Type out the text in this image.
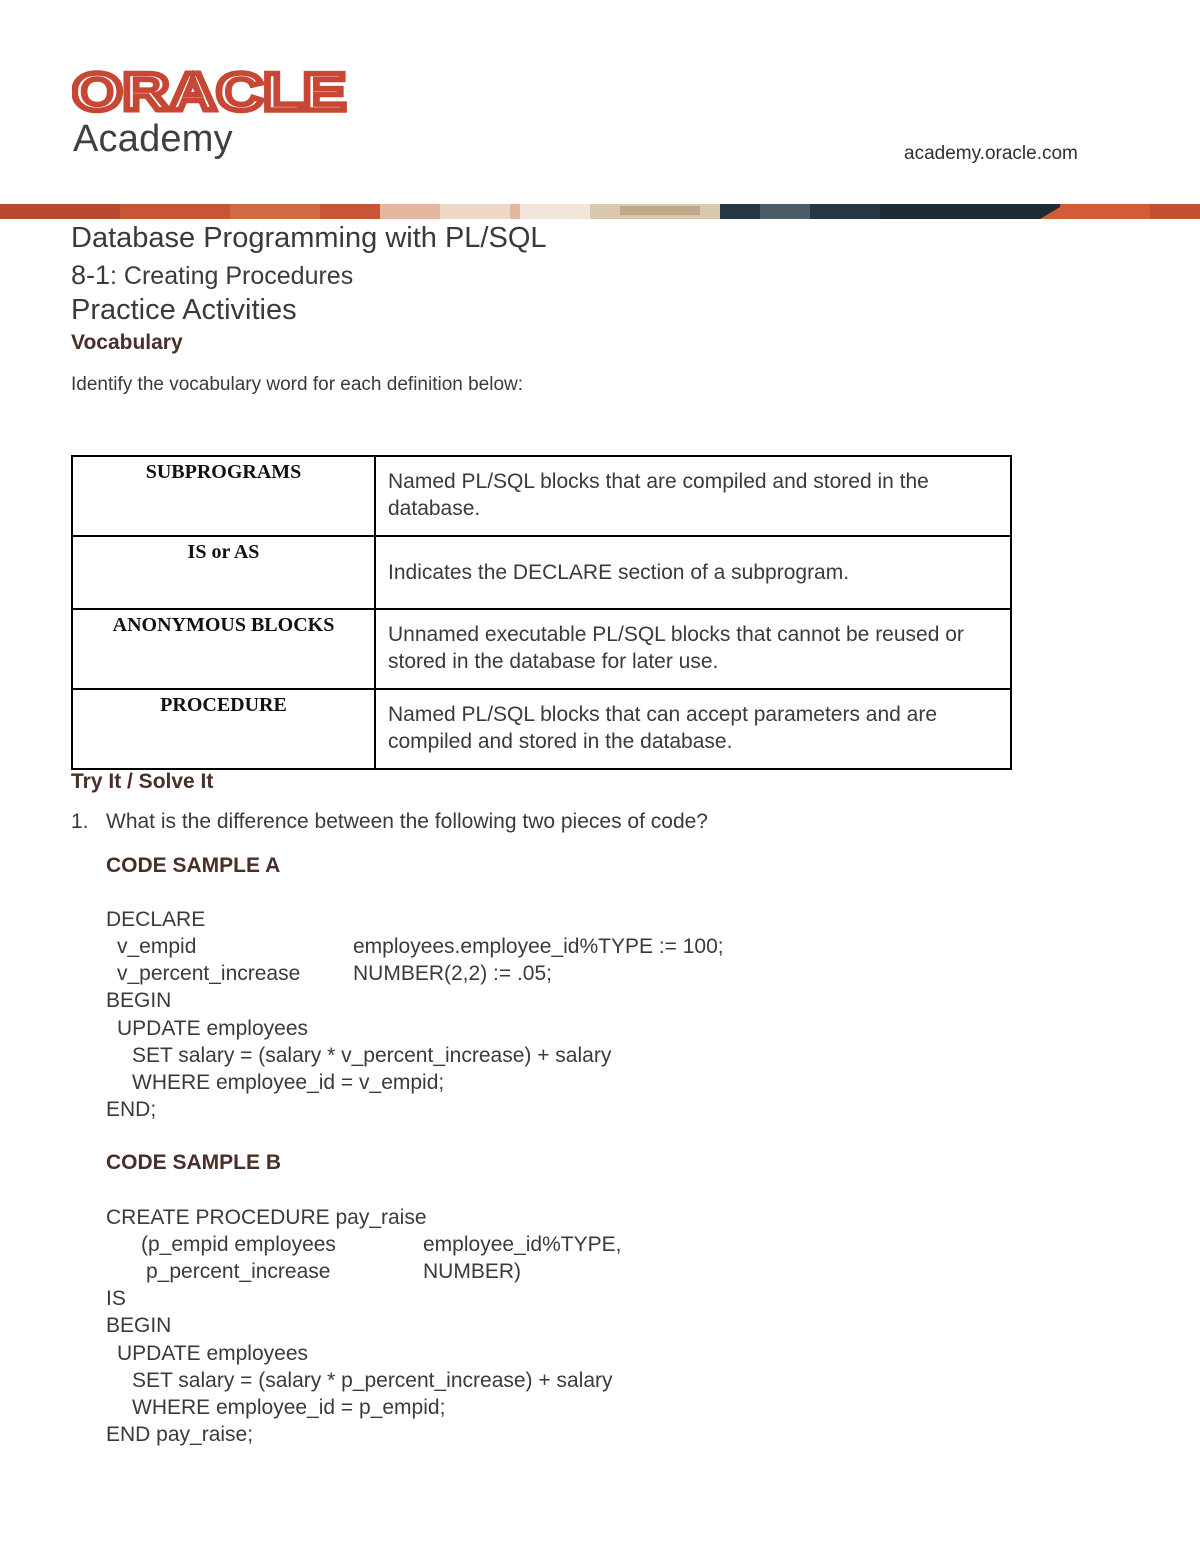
ORACLE
Academy	academy.oracle.com
Database Programming with PL/SQL
8-1: Creating Procedures
Practice Activities
Vocabulary
Identify the vocabulary word for each definition below:
SUBPROGRAMS	Named PL/SQL blocks that are compiled and stored in the database.
IS or AS	Indicates the DECLARE section of a subprogram.
ANONYMOUS BLOCKS	Unnamed executable PL/SQL blocks that cannot be reused or stored in the database for later use.
PROCEDURE	Named PL/SQL blocks that can accept parameters and are compiled and stored in the database.
Try It / Solve It
1. What is the difference between the following two pieces of code?
CODE SAMPLE A
DECLARE
v_empid	employees.employee_id%TYPE := 100;
v_percent_increase	NUMBER(2,2) := .05;
BEGIN
UPDATE employees
SET salary = (salary * v_percent_increase) + salary
WHERE employee_id = v_empid;
END;
CODE SAMPLE B
CREATE PROCEDURE pay_raise
(p_empid employees	employee_id%TYPE,
p_percent_increase	NUMBER)
IS
BEGIN
UPDATE employees
SET salary = (salary * p_percent_increase) + salary
WHERE employee_id = p_empid;
END pay_raise;
